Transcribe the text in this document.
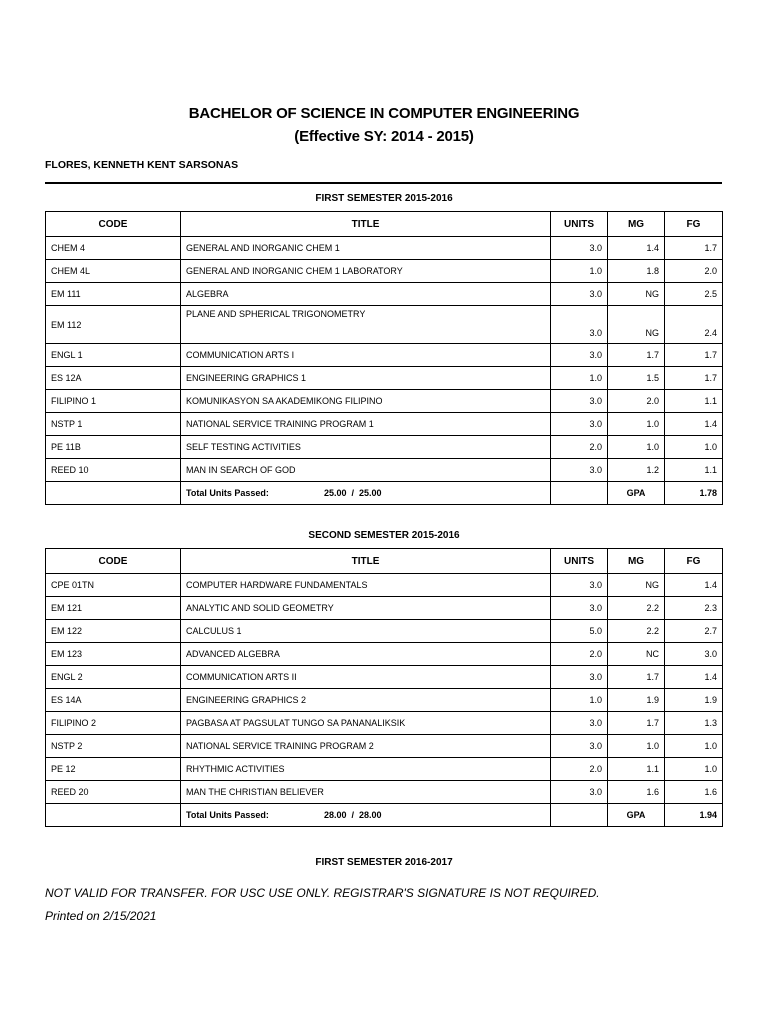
BACHELOR OF SCIENCE IN COMPUTER ENGINEERING
(Effective SY: 2014 - 2015)
FLORES, KENNETH KENT SARSONAS
FIRST SEMESTER 2015-2016
CODE	TITLE	UNITS	MG	FG
CHEM 4	GENERAL AND INORGANIC CHEM 1	3.0	1.4	1.7
CHEM 4L	GENERAL AND INORGANIC CHEM 1 LABORATORY	1.0	1.8	2.0
EM 111	ALGEBRA	3.0	NG	2.5
EM 112	PLANE AND SPHERICAL TRIGONOMETRY	3.0	NG	2.4
ENGL 1	COMMUNICATION ARTS I	3.0	1.7	1.7
ES 12A	ENGINEERING GRAPHICS 1	1.0	1.5	1.7
FILIPINO 1	KOMUNIKASYON SA AKADEMIKONG FILIPINO	3.0	2.0	1.1
NSTP 1	NATIONAL SERVICE TRAINING PROGRAM 1	3.0	1.0	1.4
PE 11B	SELF TESTING ACTIVITIES	2.0	1.0	1.0
REED 10	MAN IN SEARCH OF GOD	3.0	1.2	1.1
	Total Units Passed: 25.00  /  25.00		GPA	1.78
SECOND SEMESTER 2015-2016
CODE	TITLE	UNITS	MG	FG
CPE 01TN	COMPUTER HARDWARE FUNDAMENTALS	3.0	NG	1.4
EM 121	ANALYTIC AND SOLID GEOMETRY	3.0	2.2	2.3
EM 122	CALCULUS 1	5.0	2.2	2.7
EM 123	ADVANCED ALGEBRA	2.0	NC	3.0
ENGL 2	COMMUNICATION ARTS II	3.0	1.7	1.4
ES 14A	ENGINEERING GRAPHICS 2	1.0	1.9	1.9
FILIPINO 2	PAGBASA AT PAGSULAT TUNGO SA PANANALIKSIK	3.0	1.7	1.3
NSTP 2	NATIONAL SERVICE TRAINING PROGRAM 2	3.0	1.0	1.0
PE 12	RHYTHMIC ACTIVITIES	2.0	1.1	1.0
REED 20	MAN THE CHRISTIAN BELIEVER	3.0	1.6	1.6
	Total Units Passed: 28.00  /  28.00		GPA	1.94
FIRST SEMESTER 2016-2017
NOT VALID FOR TRANSFER. FOR USC USE ONLY. REGISTRAR'S SIGNATURE IS NOT REQUIRED.
Printed on 2/15/2021
